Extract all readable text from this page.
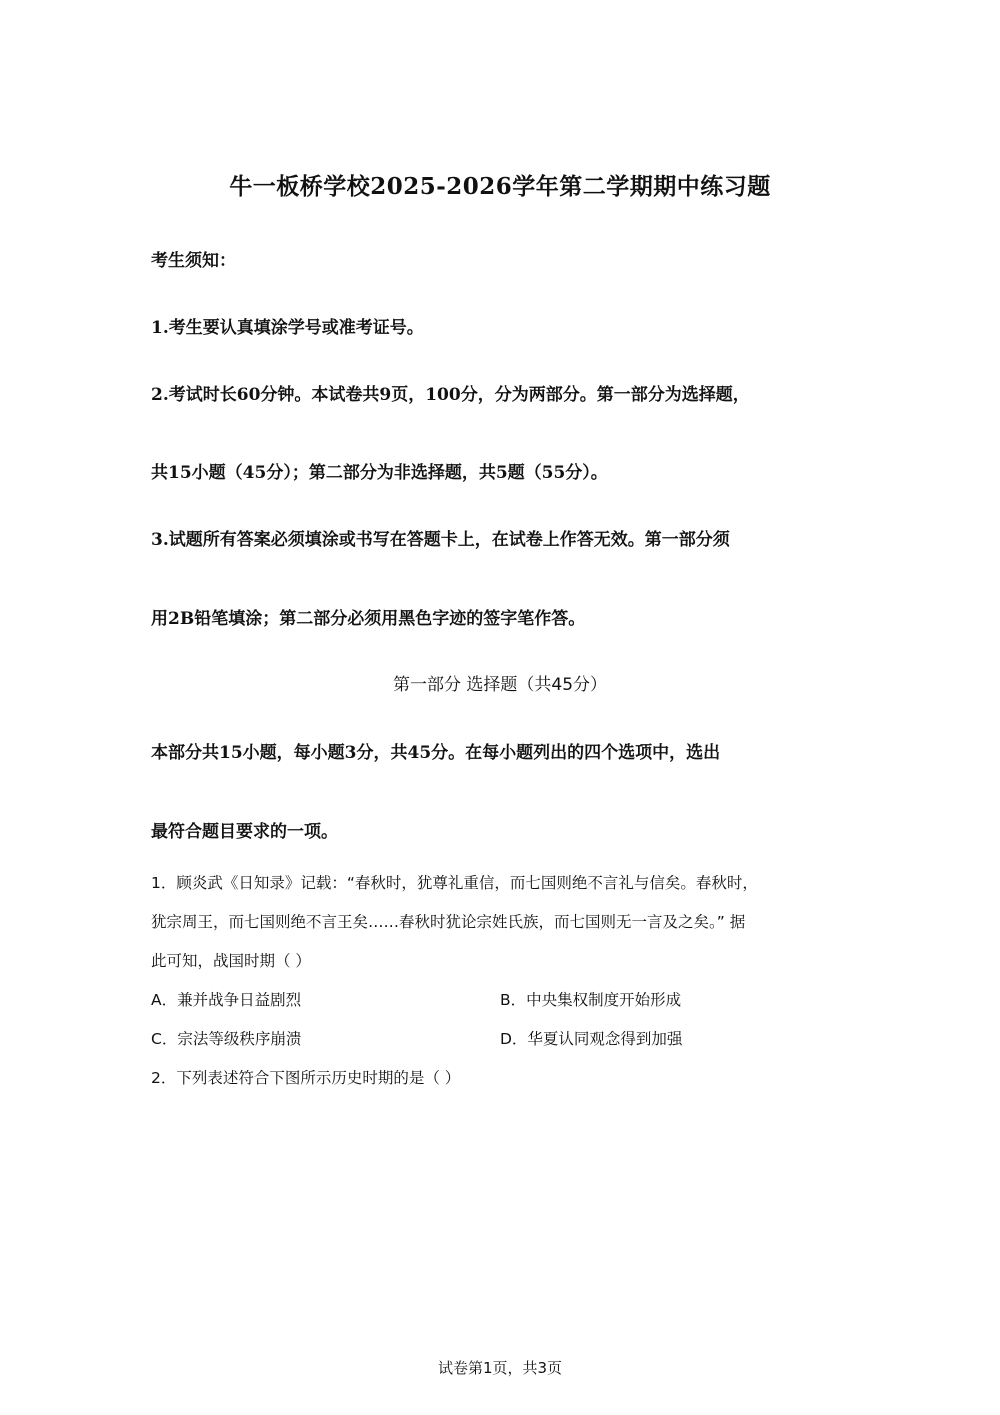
牛一板桥学校2025-2026学年第二学期期中练习题
考生须知：
1.考生要认真填涂学号或准考证号。
2.考试时长60分钟。本试卷共9页，100分，分为两部分。第一部分为选择题，
共15小题（45分）；第二部分为非选择题，共5题（55分）。
3.试题所有答案必须填涂或书写在答题卡上，在试卷上作答无效。第一部分须
用2B铅笔填涂；第二部分必须用黑色字迹的签字笔作答。
第一部分 选择题（共45分）
本部分共15小题，每小题3分，共45分。在每小题列出的四个选项中，选出
最符合题目要求的一项。
1．顾炎武《日知录》记载：“春秋时，犹尊礼重信，而七国则绝不言礼与信矣。春秋时，
犹宗周王，而七国则绝不言王矣……春秋时犹论宗姓氏族，而七国则无一言及之矣。” 据
此可知，战国时期（ ）
A．兼并战争日益剧烈	B．中央集权制度开始形成
C．宗法等级秩序崩溃	D．华夏认同观念得到加强
2．下列表述符合下图所示历史时期的是（ ）
试卷第1页，共3页
